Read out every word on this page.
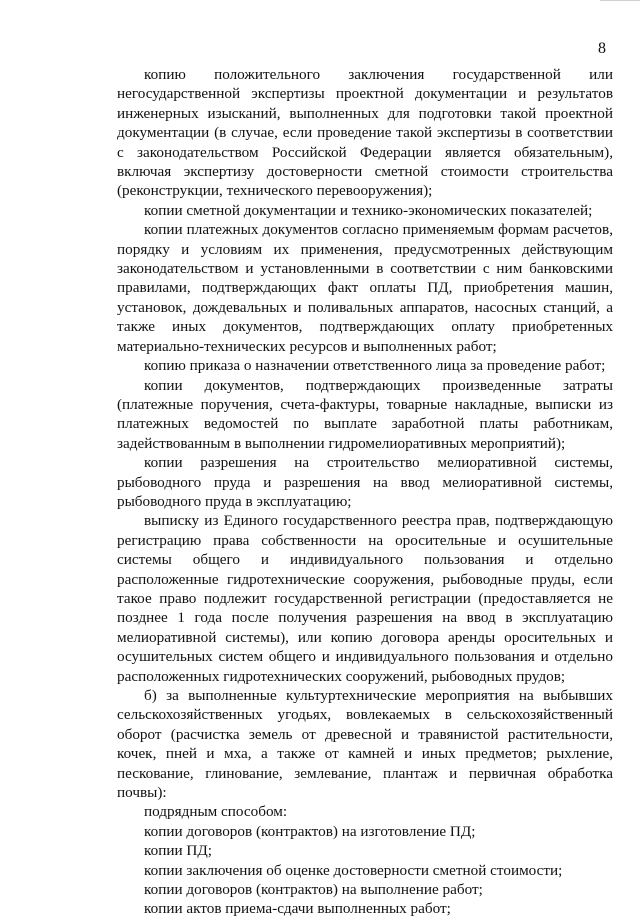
8

копию положительного заключения государственной или негосударственной экспертизы проектной документации и результатов инженерных изысканий, выполненных для подготовки такой проектной документации (в случае, если проведение такой экспертизы в соответствии с законодательством Российской Федерации является обязательным), включая экспертизу достоверности сметной стоимости строительства (реконструкции, технического перевооружения);

копии сметной документации и технико-экономических показателей;

копии платежных документов согласно применяемым формам расчетов, порядку и условиям их применения, предусмотренных действующим законодательством и установленными в соответствии с ним банковскими правилами, подтверждающих факт оплаты ПД, приобретения машин, установок, дождевальных и поливальных аппаратов, насосных станций, а также иных документов, подтверждающих оплату приобретенных материально-технических ресурсов и выполненных работ;

копию приказа о назначении ответственного лица за проведение работ;

копии документов, подтверждающих произведенные затраты (платежные поручения, счета-фактуры, товарные накладные, выписки из платежных ведомостей по выплате заработной платы работникам, задействованным в выполнении гидромелиоративных мероприятий);

копии разрешения на строительство мелиоративной системы, рыбоводного пруда и разрешения на ввод мелиоративной системы, рыбоводного пруда в эксплуатацию;

выписку из Единого государственного реестра прав, подтверждающую регистрацию права собственности на оросительные и осушительные системы общего и индивидуального пользования и отдельно расположенные гидротехнические сооружения, рыбоводные пруды, если такое право подлежит государственной регистрации (предоставляется не позднее 1 года после получения разрешения на ввод в эксплуатацию мелиоративной системы), или копию договора аренды оросительных и осушительных систем общего и индивидуального пользования и отдельно расположенных гидротехнических сооружений, рыбоводных прудов;

б) за выполненные культуртехнические мероприятия на выбывших сельскохозяйственных угодьях, вовлекаемых в сельскохозяйственный оборот (расчистка земель от древесной и травянистой растительности, кочек, пней и мха, а также от камней и иных предметов; рыхление, пескование, глинование, землевание, плантаж и первичная обработка почвы):

подрядным способом:

копии договоров (контрактов) на изготовление ПД;

копии ПД;

копии заключения об оценке достоверности сметной стоимости;

копии договоров (контрактов) на выполнение работ;

копии актов приема-сдачи выполненных работ;
